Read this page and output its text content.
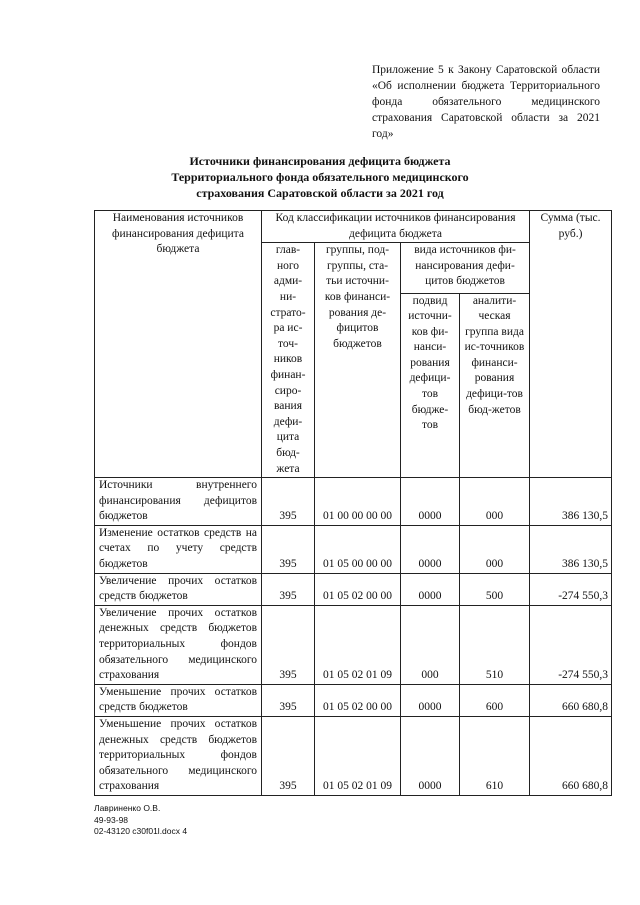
Приложение 5 к Закону Саратовской области «Об исполнении бюджета Территориального фонда обязательного медицинского страхования Саратовской области за 2021 год»
Источники финансирования дефицита бюджета
Территориального фонда обязательного медицинского
страхования Саратовской области за 2021 год
Наименования источников финансирования дефицита бюджета	Код классификации источников финансирования дефицита бюджета				Сумма (тыс. руб.)
	глав-ного адми-ни-страто-ра ис-точ-ников финан-сиро-вания дефи-цита бюд-жета	группы, под-группы, ста-тьи источни-ков финанси-рования де-фицитов бюджетов	вида источников фи-нансирования дефи-цитов бюджетов		
			подвид источни-ков фи-нанси-рования дефици-тов бюдже-тов	аналити-ческая группа вида ис-точников финанси-рования дефици-тов бюд-жетов	
Источники внутреннего финансирования дефицитов бюджетов	395	01 00 00 00 00	0000	000	386 130,5
Изменение остатков средств на счетах по учету средств бюджетов	395	01 05 00 00 00	0000	000	386 130,5
Увеличение прочих остатков средств бюджетов	395	01 05 02 00 00	0000	500	-274 550,3
Увеличение прочих остатков денежных средств бюджетов территориальных фондов обязательного медицинского страхования	395	01 05 02 01 09	000	510	-274 550,3
Уменьшение прочих остатков средств бюджетов	395	01 05 02 00 00	0000	600	660 680,8
Уменьшение прочих остатков денежных средств бюджетов территориальных фондов обязательного медицинского страхования	395	01 05 02 01 09	0000	610	660 680,8
Лавриненко О.В.
49-93-98
02-43120 c30f01l.docx 4
